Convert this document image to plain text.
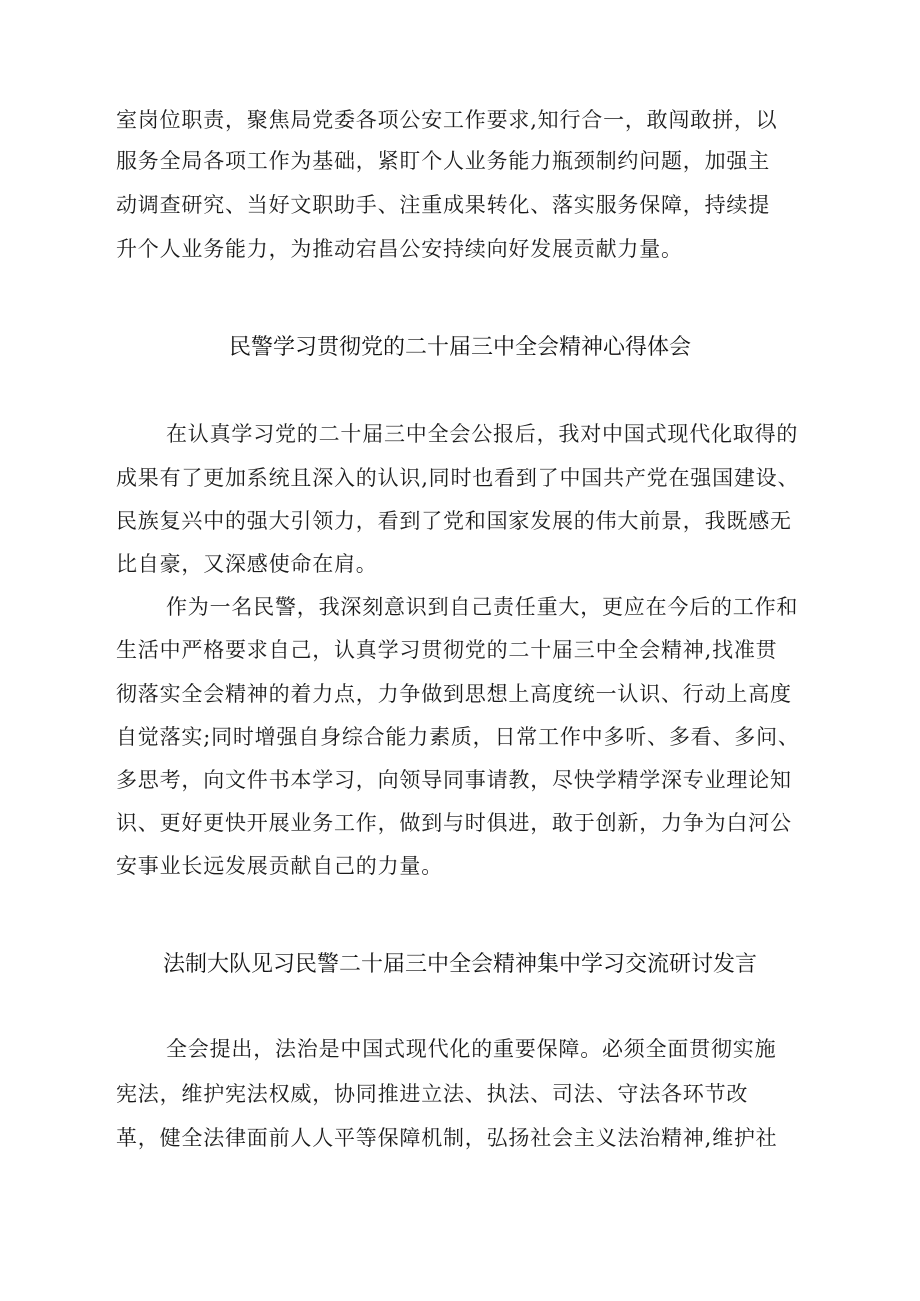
室岗位职责，聚焦局党委各项公安工作要求,知行合一，敢闯敢拼，以
服务全局各项工作为基础，紧盯个人业务能力瓶颈制约问题，加强主
动调查研究、当好文职助手、注重成果转化、落实服务保障，持续提
升个人业务能力，为推动宕昌公安持续向好发展贡献力量。
民警学习贯彻党的二十届三中全会精神心得体会
在认真学习党的二十届三中全会公报后，我对中国式现代化取得的
成果有了更加系统且深入的认识,同时也看到了中国共产党在强国建设、
民族复兴中的强大引领力，看到了党和国家发展的伟大前景，我既感无
比自豪，又深感使命在肩。
作为一名民警，我深刻意识到自己责任重大，更应在今后的工作和
生活中严格要求自己，认真学习贯彻党的二十届三中全会精神,找准贯
彻落实全会精神的着力点，力争做到思想上高度统一认识、行动上高度
自觉落实;同时增强自身综合能力素质，日常工作中多听、多看、多问、
多思考，向文件书本学习，向领导同事请教，尽快学精学深专业理论知
识、更好更快开展业务工作，做到与时俱进，敢于创新，力争为白河公
安事业长远发展贡献自己的力量。
法制大队见习民警二十届三中全会精神集中学习交流研讨发言
全会提出，法治是中国式现代化的重要保障。必须全面贯彻实施
宪法，维护宪法权威，协同推进立法、执法、司法、守法各环节改
革，健全法律面前人人平等保障机制，弘扬社会主义法治精神,维护社
